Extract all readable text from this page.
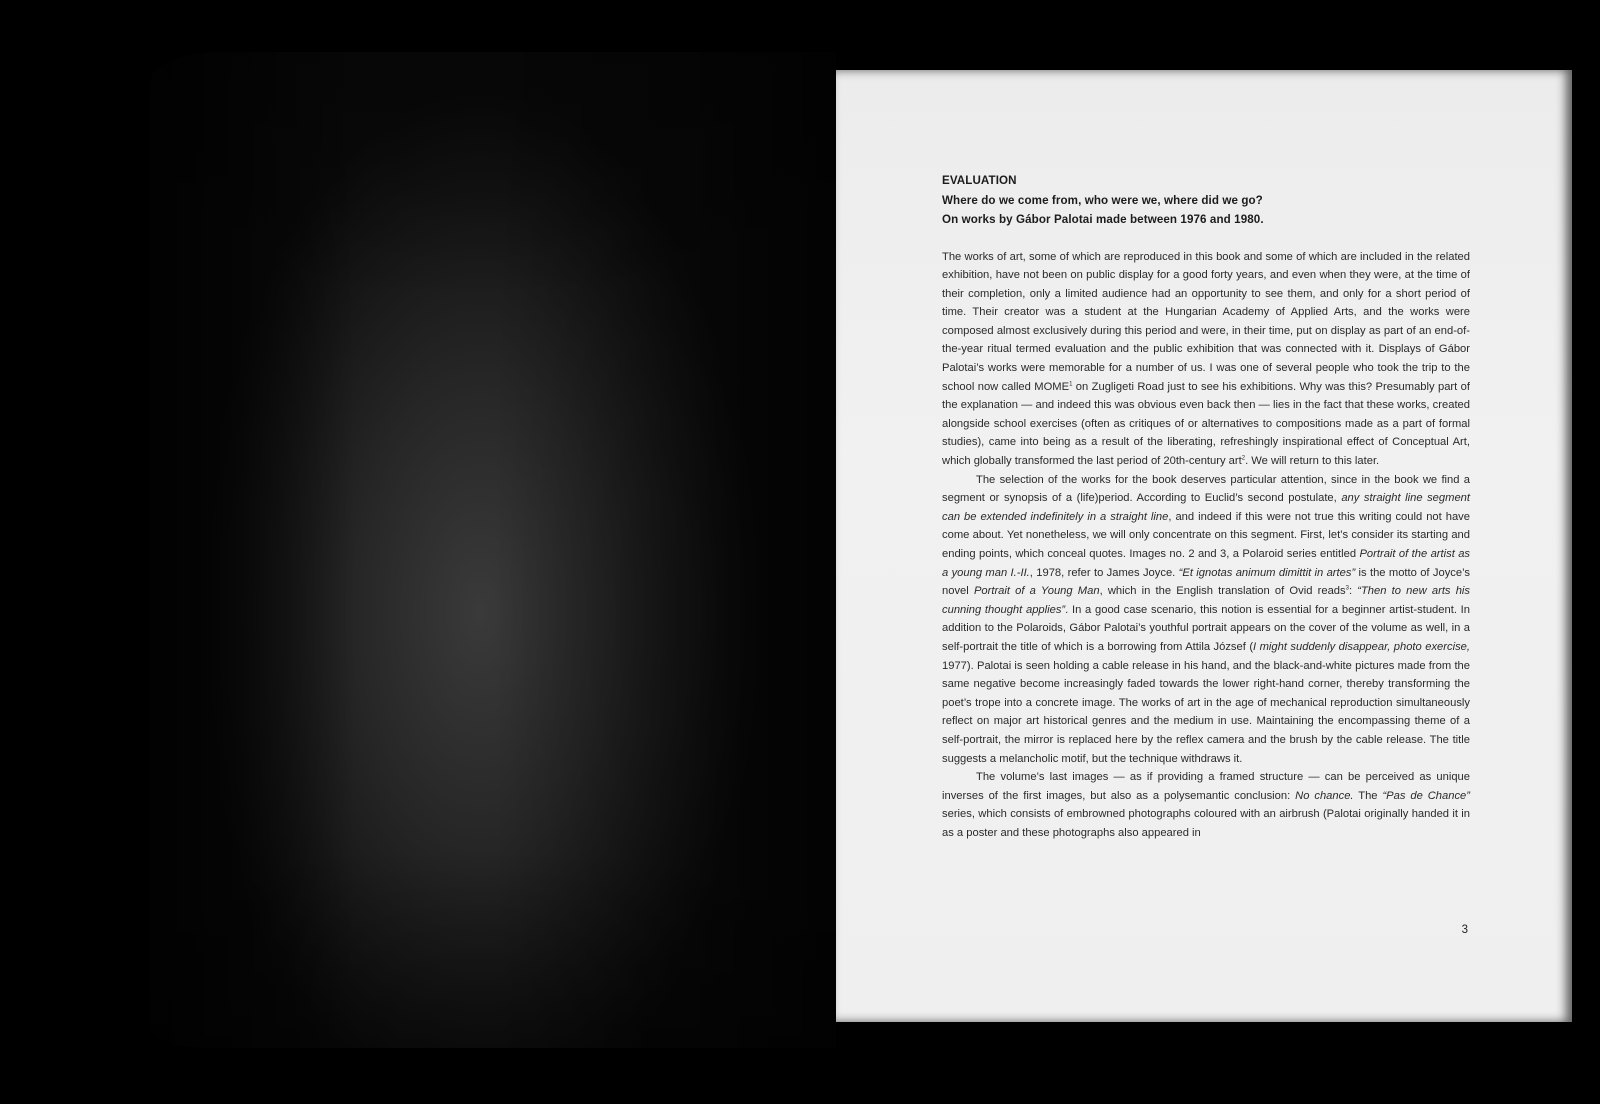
EVALUATION
Where do we come from, who were we, where did we go?
On works by Gábor Palotai made between 1976 and 1980.

The works of art, some of which are reproduced in this book and some of which are included in the related exhibition, have not been on public display for a good forty years, and even when they were, at the time of their completion, only a limited audience had an opportunity to see them, and only for a short period of time. Their creator was a student at the Hungarian Academy of Applied Arts, and the works were composed almost exclusively during this period and were, in their time, put on display as part of an end-of-the-year ritual termed evaluation and the public exhibition that was connected with it. Displays of Gábor Palotai’s works were memorable for a number of us. I was one of several people who took the trip to the school now called MOME$^1$ on Zugligeti Road just to see his exhibitions. Why was this? Presumably part of the explanation — and indeed this was obvious even back then — lies in the fact that these works, created alongside school exercises (often as critiques of or alternatives to compositions made as a part of formal studies), came into being as a result of the liberating, refreshingly inspirational effect of Conceptual Art, which globally transformed the last period of 20th-century art$^2$. We will return to this later.

The selection of the works for the book deserves particular attention, since in the book we find a segment or synopsis of a (life)period. According to Euclid’s second postulate, any straight line segment can be extended indefinitely in a straight line, and indeed if this were not true this writing could not have come about. Yet nonetheless, we will only concentrate on this segment. First, let’s consider its starting and ending points, which conceal quotes. Images no. 2 and 3, a Polaroid series entitled Portrait of the artist as a young man I.-II., 1978, refer to James Joyce. “Et ignotas animum dimittit in artes” is the motto of Joyce’s novel Portrait of a Young Man, which in the English translation of Ovid reads$^3$: “Then to new arts his cunning thought applies”. In a good case scenario, this notion is essential for a beginner artist-student. In addition to the Polaroids, Gábor Palotai’s youthful portrait appears on the cover of the volume as well, in a self-portrait the title of which is a borrowing from Attila József (I might suddenly disappear, photo exercise, 1977). Palotai is seen holding a cable release in his hand, and the black-and-white pictures made from the same negative become increasingly faded towards the lower right-hand corner, thereby transforming the poet’s trope into a concrete image. The works of art in the age of mechanical reproduction simultaneously reflect on major art historical genres and the medium in use. Maintaining the encompassing theme of a self-portrait, the mirror is replaced here by the reflex camera and the brush by the cable release. The title suggests a melancholic motif, but the technique withdraws it.

The volume’s last images — as if providing a framed structure — can be perceived as unique inverses of the first images, but also as a polysemantic conclusion: No chance. The “Pas de Chance” series, which consists of embrowned photographs coloured with an airbrush (Palotai originally handed it in as a poster and these photographs also appeared in

3
